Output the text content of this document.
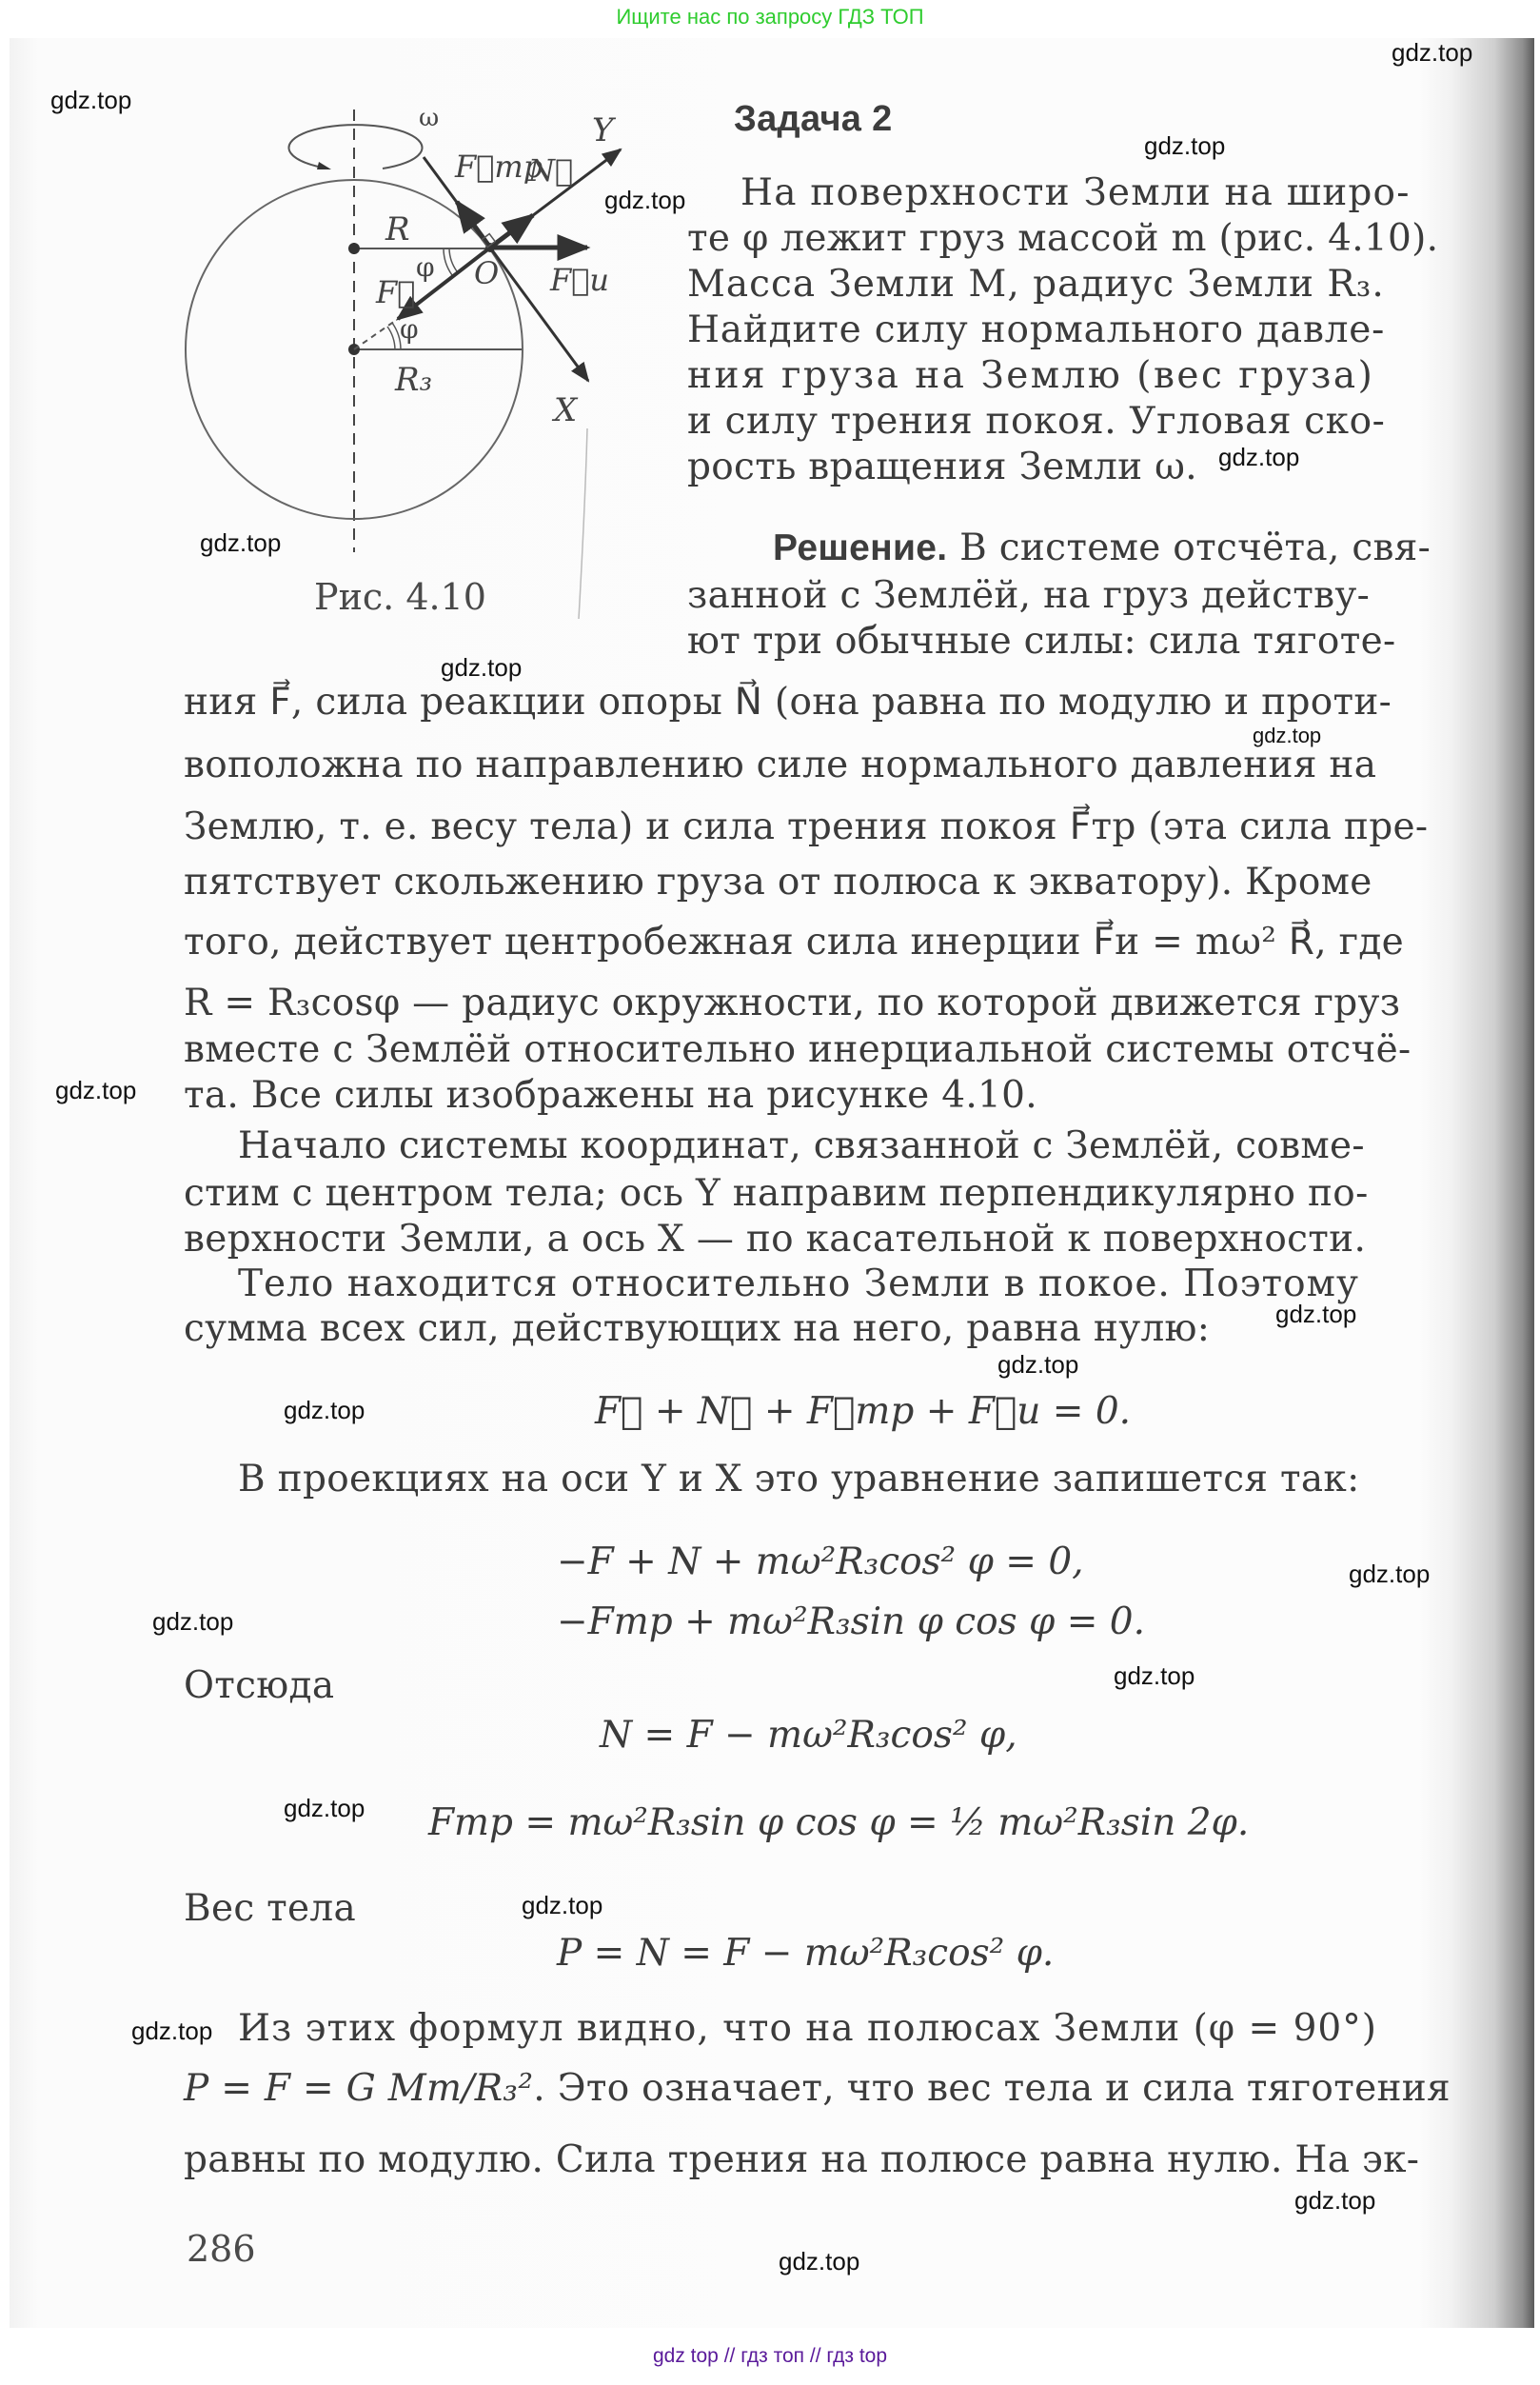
Ищите нас по запросу ГДЗ ТОП
ω
R
R₃
φ
φ
F⃗
Y
N⃗
X
F⃗тр
F⃗и
O
Рис. 4.10
Задача 2
На поверхности Земли на широ-
те φ лежит груз массой m (рис. 4.10).
Масса Земли M, радиус Земли R₃.
Найдите силу нормального давле-
ния груза на Землю (вес груза)
и силу трения покоя. Угловая ско-
рость вращения Земли ω.
Решение. В системе отсчёта, свя-
занной с Землёй, на груз действу-
ют три обычные силы: сила тяготе-
ния F⃗, сила реакции опоры N⃗ (она равна по модулю и проти-
воположна по направлению силе нормального давления на
Землю, т. е. весу тела) и сила трения покоя F⃗тр (эта сила пре-
пятствует скольжению груза от полюса к экватору). Кроме
того, действует центробежная сила инерции F⃗и = mω² R⃗, где
R = R₃cosφ — радиус окружности, по которой движется груз
вместе с Землёй относительно инерциальной системы отсчё-
та. Все силы изображены на рисунке 4.10.
Начало системы координат, связанной с Землёй, совме-
стим с центром тела; ось Y направим перпендикулярно по-
верхности Земли, а ось X — по касательной к поверхности.
Тело находится относительно Земли в покое. Поэтому
сумма всех сил, действующих на него, равна нулю:
F⃗ + N⃗ + F⃗тр + F⃗и = 0.
В проекциях на оси Y и X это уравнение запишется так:
−F + N + mω²R₃cos² φ = 0,
−Fтр + mω²R₃sin φ cos φ = 0.
Отсюда
N = F − mω²R₃cos² φ,
Fтр = mω²R₃sin φ cos φ = ½ mω²R₃sin 2φ.
Вес тела
P = N = F − mω²R₃cos² φ.
Из этих формул видно, что на полюсах Земли (φ = 90°)
P = F = G Mm/R₃². Это означает, что вес тела и сила тяготения
равны по модулю. Сила трения на полюсе равна нулю. На эк-
286
gdz.top
gdz.top
gdz.top
gdz.top
gdz.top
gdz.top
gdz.top
gdz.top
gdz.top
gdz.top
gdz.top
gdz.top
gdz.top
gdz.top
gdz.top
gdz.top
gdz.top
gdz.top
gdz.top
gdz.top
gdz top // гдз топ // гдз top
